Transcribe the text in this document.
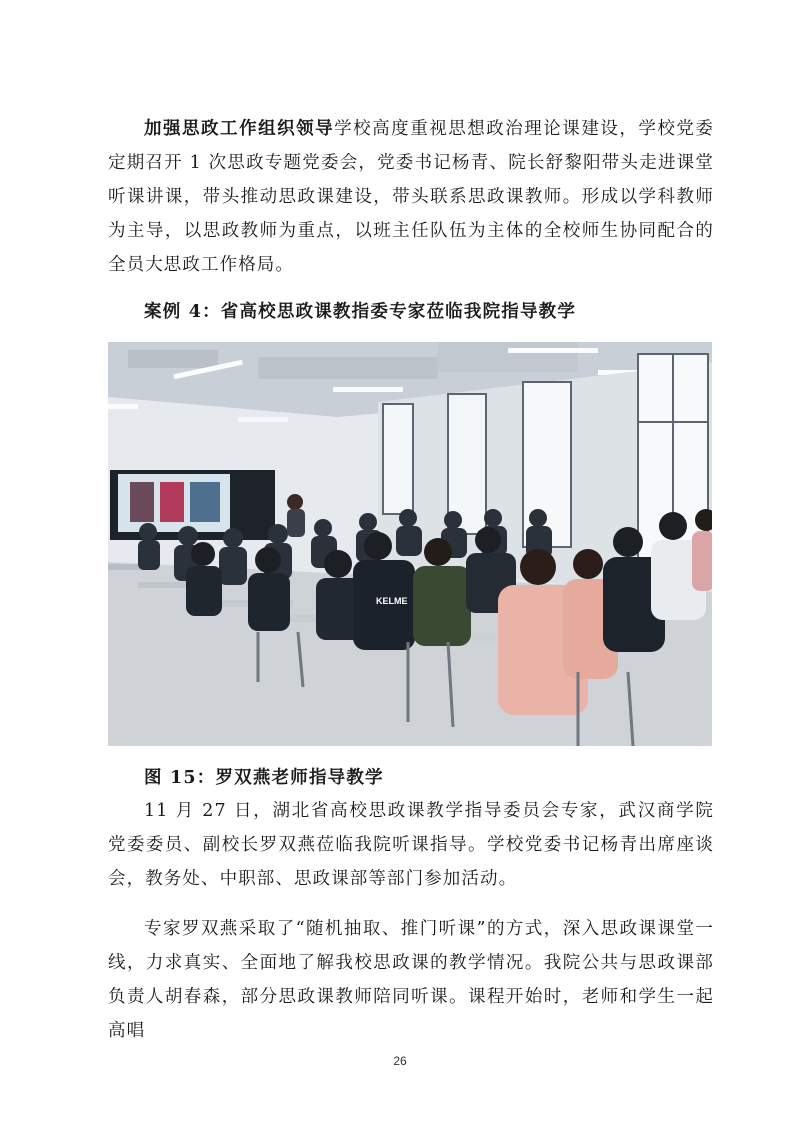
加强思政工作组织领导学校高度重视思想政治理论课建设，学校党委定期召开 1 次思政专题党委会，党委书记杨青、院长舒黎阳带头走进课堂听课讲课，带头推动思政课建设，带头联系思政课教师。形成以学科教师为主导，以思政教师为重点，以班主任队伍为主体的全校师生协同配合的全员大思政工作格局。

案例 4：省高校思政课教指委专家莅临我院指导教学

KELME

图 15：罗双燕老师指导教学

11 月 27 日，湖北省高校思政课教学指导委员会专家，武汉商学院党委委员、副校长罗双燕莅临我院听课指导。学校党委书记杨青出席座谈会，教务处、中职部、思政课部等部门参加活动。

专家罗双燕采取了“随机抽取、推门听课”的方式，深入思政课课堂一线，力求真实、全面地了解我校思政课的教学情况。我院公共与思政课部负责人胡春森，部分思政课教师陪同听课。课程开始时，老师和学生一起高唱

26
